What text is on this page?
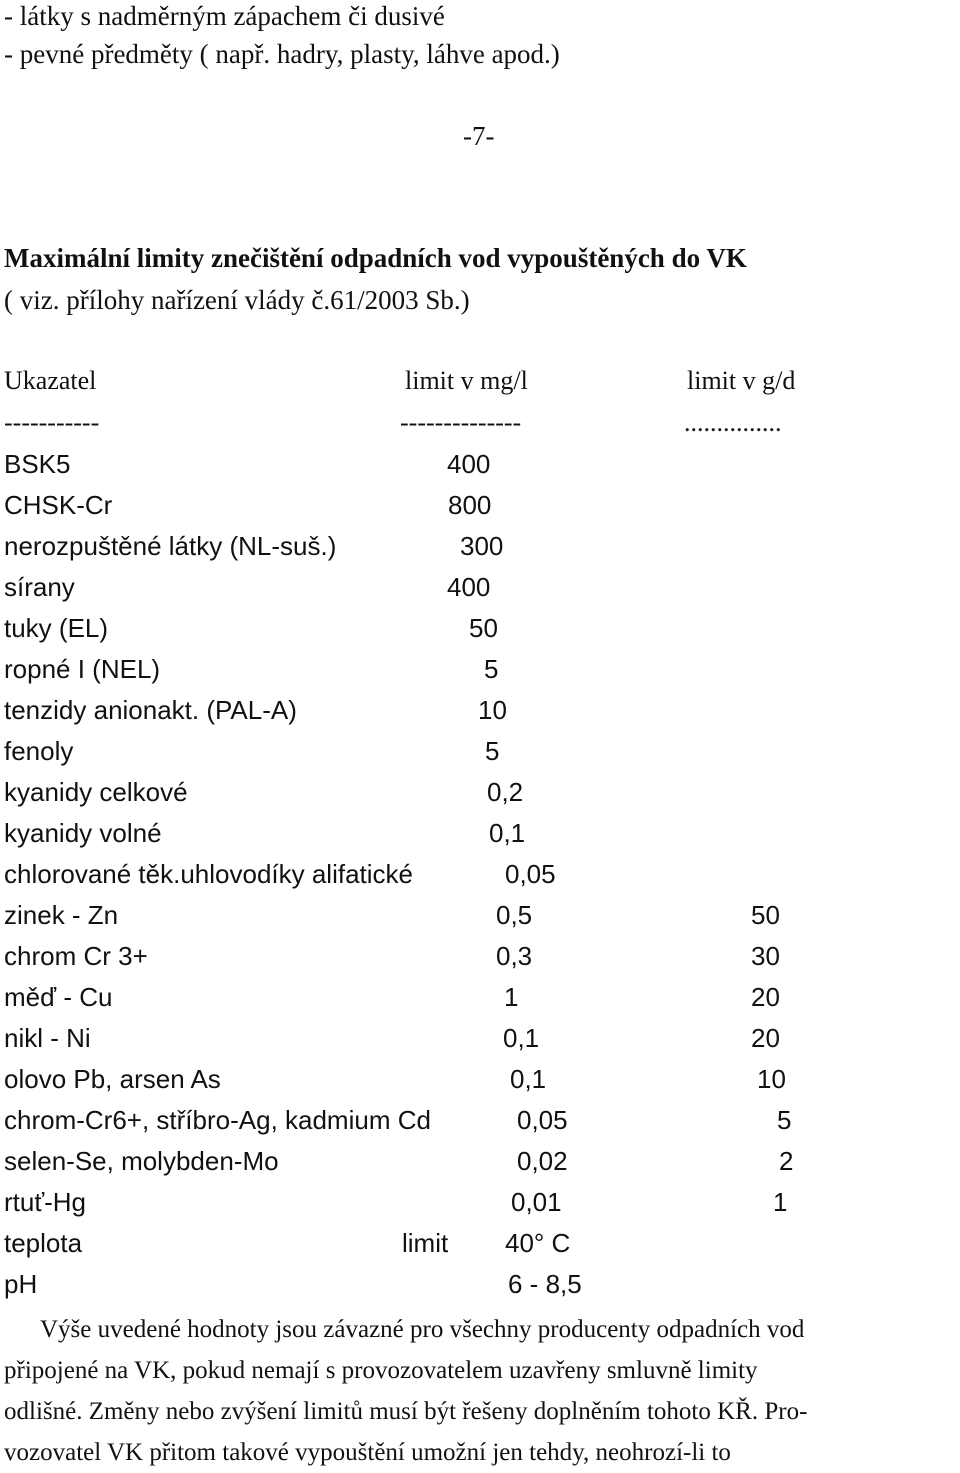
- látky s nadměrným zápachem či dusivé
- pevné předměty ( např. hadry, plasty, láhve apod.)
-7-
Maximální limity znečištění odpadních vod vypouštěných do VK
( viz. přílohy nařízení vlády č.61/2003 Sb.)
Ukazatel	limit v mg/l	limit v g/d
-----------	--------------	...............
BSK5	400
CHSK-Cr	800
nerozpuštěné látky (NL-suš.)	300
sírany	400
tuky (EL)	50
ropné I (NEL)	5
tenzidy anionakt. (PAL-A)	10
fenoly	5
kyanidy celkové	0,2
kyanidy volné	0,1
chlorované těk.uhlovodíky alifatické	0,05
zinek - Zn	0,5	50
chrom Cr 3+	0,3	30
měď - Cu	1	20
nikl - Ni	0,1	20
olovo Pb, arsen As	0,1	10
chrom-Cr6+, stříbro-Ag, kadmium Cd	0,05	5
selen-Se, molybden-Mo	0,02	2
rtuť-Hg	0,01	1
teplota	limit 40° C
pH	6 - 8,5
Výše uvedené hodnoty jsou závazné pro všechny producenty odpadních vod
připojené na VK, pokud nemají s provozovatelem uzavřeny smluvně limity
odlišné. Změny nebo zvýšení limitů musí být řešeny doplněním tohoto KŘ. Pro-
vozovatel VK přitom takové vypouštění umožní jen tehdy, neohrozí-li to
